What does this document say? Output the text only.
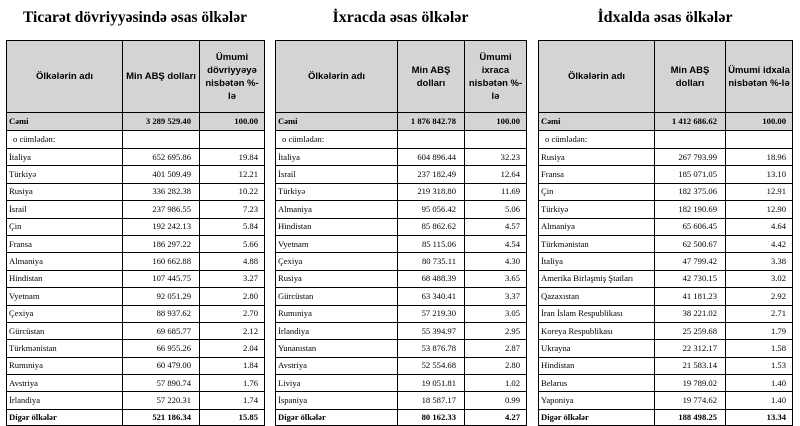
Ticarət dövriyyəsində əsas ölkələr
Ölkələrin adı	Min ABŞ dolları	Ümumi dövriyyəyə nisbətən %-lə
Cəmi	3 289 529.40	100.00
o cümlədən:		
İtaliya	652 695.86	19.84
Türkiyə	401 509.49	12.21
Rusiya	336 282.38	10.22
İsrail	237 986.55	7.23
Çin	192 242.13	5.84
Fransa	186 297.22	5.66
Almaniya	160 662.88	4.88
Hindistan	107 445.75	3.27
Vyetnam	92 051.29	2.80
Çexiya	88 937.62	2.70
Gürcüstan	69 685.77	2.12
Türkmənistan	66 955.26	2.04
Rumıniya	60 479.00	1.84
Avstriya	57 890.74	1.76
İrlandiya	57 220.31	1.74
Digər ölkələr	521 186.34	15.85
İxracda əsas ölkələr
Ölkələrin adı	Min ABŞ dolları	Ümumi ixraca nisbətən %-lə
Cəmi	1 876 842.78	100.00
o cümlədən:		
İtaliya	604 896.44	32.23
İsrail	237 182.49	12.64
Türkiyə	219 318.80	11.69
Almaniya	95 056.42	5.06
Hindistan	85 862.62	4.57
Vyetnam	85 115.06	4.54
Çexiya	80 735.11	4.30
Rusiya	68 488.39	3.65
Gürcüstan	63 340.41	3.37
Rumıniya	57 219.30	3.05
İrlandiya	55 394.97	2.95
Yunanıstan	53 876.78	2.87
Avstriya	52 554.68	2.80
Liviya	19 051.81	1.02
İspaniya	18 587.17	0.99
Digər ölkələr	80 162.33	4.27
İdxalda əsas ölkələr
Ölkələrin adı	Min ABŞ dolları	Ümumi idxala nisbətən %-lə
Cəmi	1 412 686.62	100.00
o cümlədən:		
Rusiya	267 793.99	18.96
Fransa	185 071.05	13.10
Çin	182 375.06	12.91
Türkiyə	182 190.69	12.90
Almaniya	65 606.45	4.64
Türkmənistan	62 500.67	4.42
İtaliya	47 799.42	3.38
Amerika Birləşmiş Ştatları	42 730.15	3.02
Qazaxıstan	41 181.23	2.92
İran İslam Respublikası	38 221.02	2.71
Koreya Respublikası	25 259.68	1.79
Ukrayna	22 312.17	1.58
Hindistan	21 583.14	1.53
Belarus	19 789.02	1.40
Yaponiya	19 774.62	1.40
Digər ölkələr	188 498.25	13.34
